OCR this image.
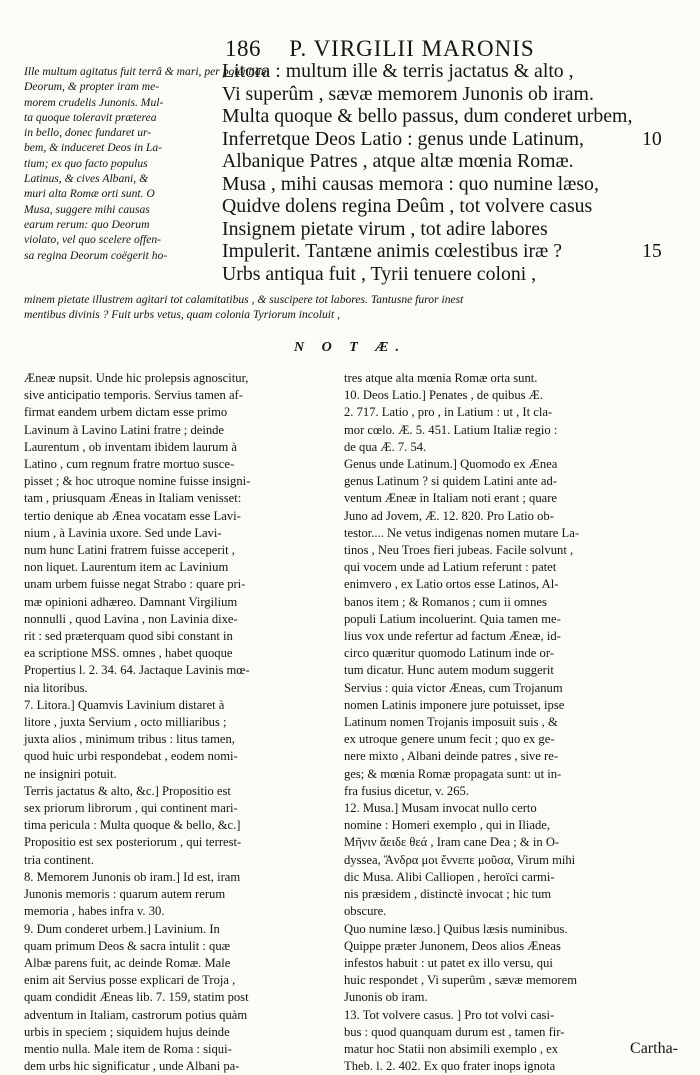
186 P. VIRGILII MARONIS
Ille multum agitatus fuit terrâ & mari, per potentiam
Deorum, & propter iram me-
morem crudelis Junonis. Mul-
ta quoque toleravit præterea
in bello, donec fundaret ur-
bem, & induceret Deos in La-
tium; ex quo facto populus
Latinus, & cives Albani, &
muri alta Romæ orti sunt. O
Musa, suggere mihi causas
earum rerum: quo Deorum
violato, vel quo scelere offen-
sa regina Deorum coëgerit ho-
Litora : multum ille & terris jactatus & alto ,
Vi superûm , sævæ memorem Junonis ob iram.
Multa quoque & bello passus, dum conderet urbem,
Inferretque Deos Latio : genus unde Latinum,	10
Albanique Patres , atque altæ mœnia Romæ.
Musa , mihi causas memora : quo numine læso,
Quidve dolens regina Deûm , tot volvere casus
Insignem pietate virum , tot adire labores
Impulerit. Tantæne animis cœlestibus iræ ?	15
Urbs antiqua fuit , Tyrii tenuere coloni ,
minem pietate illustrem agitari tot calamitatibus , & suscipere tot labores. Tantusne furor inest
mentibus divinis ? Fuit urbs vetus, quam colonia Tyriorum incoluit ,
N O T Æ.
Æneæ nupsit. Unde hic prolepsis agnoscitur,
sive anticipatio temporis. Servius tamen af-
firmat eandem urbem dictam esse primo
Lavinum à Lavino Latini fratre ; deinde
Laurentum , ob inventam ibidem laurum à
Latino , cum regnum fratre mortuo susce-
pisset ; & hoc utroque nomine fuisse insigni-
tam , priusquam Æneas in Italiam venisset:
tertio denique ab Ænea vocatam esse Lavi-
nium , à Lavinia uxore. Sed unde Lavi-
num hunc Latini fratrem fuisse acceperit ,
non liquet. Laurentum item ac Lavinium
unam urbem fuisse negat Strabo : quare pri-
mæ opinioni adhæreo. Damnant Virgilium
nonnulli , quod Lavina , non Lavinia dixe-
rit : sed præterquam quod sibi constant in
ea scriptione MSS. omnes , habet quoque
Propertius l. 2. 34. 64. Jactaque Lavinis mœ-
nia litoribus.
7. Litora.] Quamvis Lavinium distaret à
litore , juxta Servium , octo milliaribus ;
juxta alios , minimum tribus : litus tamen,
quod huic urbi respondebat , eodem nomi-
ne insigniri potuit.
Terris jactatus & alto, &c.] Propositio est
sex priorum librorum , qui continent mari-
tima pericula : Multa quoque & bello, &c.]
Propositio est sex posteriorum , qui terrest-
tria continent.
8. Memorem Junonis ob iram.] Id est, iram
Junonis memoris : quarum autem rerum
memoria , habes infra v. 30.
9. Dum conderet urbem.] Lavinium. In
quam primum Deos & sacra intulit : quæ
Albæ parens fuit, ac deinde Romæ. Male
enim ait Servius posse explicari de Troja ,
quam condidit Æneas lib. 7. 159, statim post
adventum in Italiam, castrorum potius quàm
urbis in speciem ; siquidem hujus deinde
mentio nulla. Male item de Roma : siqui-
dem urbs hic significatur , unde Albani pa-
tres atque alta mœnia Romæ orta sunt.
10. Deos Latio.] Penates , de quibus Æ.
2. 717. Latio , pro , in Latium : ut , It cla-
mor cœlo. Æ. 5. 451. Latium Italiæ regio :
de qua Æ. 7. 54.
Genus unde Latinum.] Quomodo ex Ænea
genus Latinum ? si quidem Latini ante ad-
ventum Æneæ in Italiam noti erant ; quare
Juno ad Jovem, Æ. 12. 820. Pro Latio ob-
testor.... Ne vetus indigenas nomen mutare La-
tinos , Neu Troes fieri jubeas. Facile solvunt ,
qui vocem unde ad Latium referunt : patet
enimvero , ex Latio ortos esse Latinos, Al-
banos item ; & Romanos ; cum ii omnes
populi Latium incoluerint. Quia tamen me-
lius vox unde refertur ad factum Æneæ, id-
circo quæritur quomodo Latinum inde or-
tum dicatur. Hunc autem modum suggerit
Servius : quia victor Æneas, cum Trojanum
nomen Latinis imponere jure potuisset, ipse
Latinum nomen Trojanis imposuit suis , &
ex utroque genere unum fecit ; quo ex ge-
nere mixto , Albani deinde patres , sive re-
ges; & mœnia Romæ propagata sunt: ut in-
fra fusius dicetur, v. 265.
12. Musa.] Musam invocat nullo certo
nomine : Homeri exemplo , qui in Iliade,
Μῆνιν ἄειδε θεά , Iram cane Dea ; & in O-
dyssea, Ἄνδρα μοι ἔννεπε μοῦσα, Virum mihi
dic Musa. Alibi Calliopen , heroïci carmi-
nis præsidem , distinctè invocat ; hic tum
obscure.
Quo numine læso.] Quibus læsis numinibus.
Quippe præter Junonem, Deos alios Æneas
infestos habuit : ut patet ex illo versu, qui
huic respondet , Vi superûm , sævæ memorem
Junonis ob iram.
13. Tot volvere casus. ] Pro tot volvi casi-
bus : quod quanquam durum est , tamen fir-
matur hoc Statii non absimili exemplo , ex
Theb. l. 2. 402. Ex quo frater inops ignota
Cartha-
